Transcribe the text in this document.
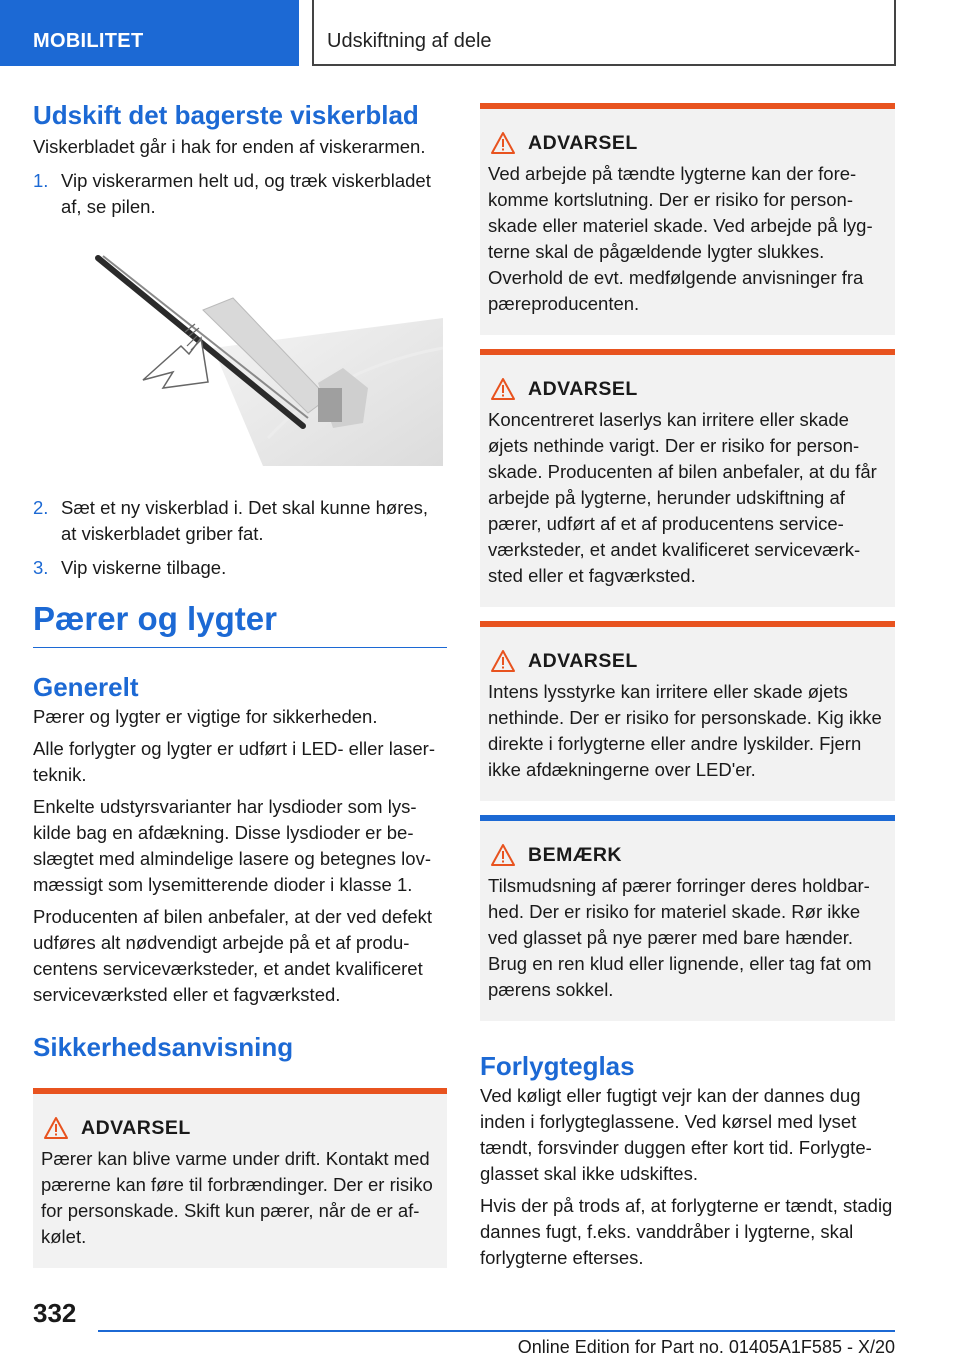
MOBILITET	Udskiftning af dele
Udskift det bagerste viskerblad

Viskerbladet går i hak for enden af viskerarmen.

1. Vip viskerarmen helt ud, og træk viskerbladet af, se pilen.
2. Sæt et ny viskerblad i. Det skal kunne høres, at viskerbladet griber fat.
3. Vip viskerne tilbage.
Pærer og lygter
Generelt

Pærer og lygter er vigtige for sikkerheden.

Alle forlygter og lygter er udført i LED- eller laserteknik.

Enkelte udstyrsvarianter har lysdioder som lyskilde bag en afdækning. Disse lysdioder er beslægtet med almindelige lasere og betegnes lovmæssigt som lysemitterende dioder i klasse 1.

Producenten af bilen anbefaler, at der ved defekt udføres alt nødvendigt arbejde på et af producentens serviceværksteder, et andet kvalificeret serviceværksted eller et fagværksted.

Sikkerhedsanvisning
ADVARSEL

Pærer kan blive varme under drift. Kontakt med pærerne kan føre til forbrændinger. Der er risiko for personskade. Skift kun pærer, når de er afkølet.

ADVARSEL

Ved arbejde på tændte lygterne kan der forekomme kortslutning. Der er risiko for personskade eller materiel skade. Ved arbejde på lygterne skal de pågældende lygter slukkes. Overhold de evt. medfølgende anvisninger fra pæreproducenten.

ADVARSEL

Koncentreret laserlys kan irritere eller skade øjets nethinde varigt. Der er risiko for personskade. Producenten af bilen anbefaler, at du får arbejde på lygterne, herunder udskiftning af pærer, udført af et af producentens serviceværksteder, et andet kvalificeret serviceværksted eller et fagværksted.

ADVARSEL

Intens lysstyrke kan irritere eller skade øjets nethinde. Der er risiko for personskade. Kig ikke direkte i forlygterne eller andre lyskilder. Fjern ikke afdækningerne over LED'er.

BEMÆRK

Tilsmudsning af pærer forringer deres holdbarhed. Der er risiko for materiel skade. Rør ikke ved glasset på nye pærer med bare hænder. Brug en ren klud eller lignende, eller tag fat om pærens sokkel.

Forlygteglas

Ved køligt eller fugtigt vejr kan der dannes dug inden i forlygteglassene. Ved kørsel med lyset tændt, forsvinder duggen efter kort tid. Forlygteglasset skal ikke udskiftes.

Hvis der på trods af, at forlygterne er tændt, stadig dannes fugt, f.eks. vanddråber i lygterne, skal forlygterne efterses.

332
Online Edition for Part no. 01405A1F585 - X/20
